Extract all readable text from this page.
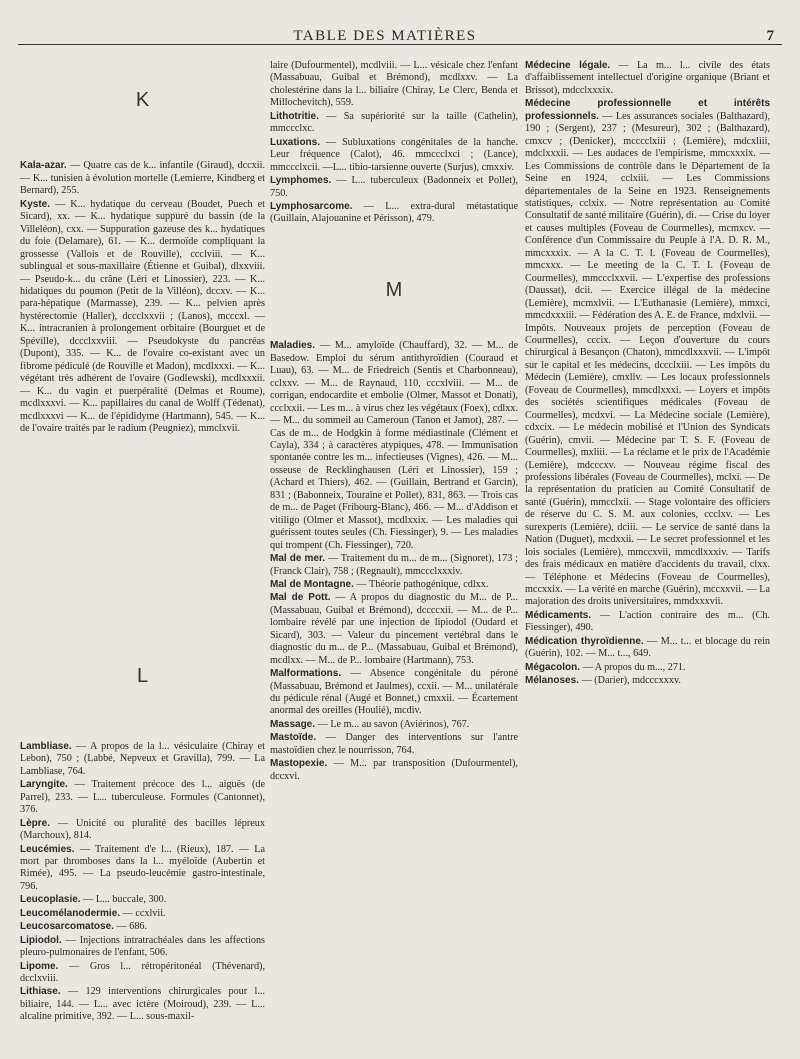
TABLE DES MATIÈRES	7
K

Kala-azar. — Quatre cas de k... infantile (Giraud), dccxii. — K... tunisien à évolution mortelle (Lemierre, Kindberg et Bernard), 255.

Kyste. — K... hydatique du cerveau (Boudet, Puech et Sicard), xx. — K... hydatique suppuré du bassin (de la Villeléon), cxx. — Suppuration gazeuse des k... hydatiques du foie (Delamare), 61. — K... dermoïde compliquant la grossesse (Vallois et de Rouville), ccclviii. — K... sublingual et sous-maxillaire (Étienne et Guibal), dlxxviii. — Pseudo-k... du crâne (Léri et Linossier), 223. — K... hidatiques du poumon (Petit de la Villéon), dccxv. — K... para-hépatique (Marmasse), 239. — K... pelvien après hystérectomie (Haller), dccclxxvii ; (Lanos), mcccxl. — K... intracranien à prolongement orbitaire (Bourguet et de Spéville), dccclxxviii. — Pseudokyste du pancréas (Dupont), 335. — K... de l'ovaire co-existant avec un fibrome pédiculé (de Rouville et Madon), mcdlxxxi. — K... végétant très adhérent de l'ovaire (Godlewski), mcdlxxxii. — K... du vagin et puerpéralité (Delmas et Roume), mcdlxxxvi. — K... papillaires du canal de Wolff (Tédenat), mcdlxxxvi — K... de l'épididyme (Hartmann), 545. — K... de l'ovaire traités par le radium (Peugniez), mmclxvii.

L

Lambliase. — A propos de la l... vésiculaire (Chiray et Lebon), 750 ; (Labbé, Nepveux et Gravilla), 799. — La Lambliase, 764.

Laryngite. — Traitement précoce des l... aiguës (de Parrel), 233. — L... tuberculeuse. Formules (Cantonnet), 376.

Lèpre. — Unicité ou pluralité des bacilles lépreux (Marchoux), 814.

Leucémies. — Traitement d'e l... (Rieux), 187. — La mort par thromboses dans la l... myéloïde (Aubertin et Rimée), 495. — La pseudo-leucémie gastro-intestinale, 796.

Leucoplasie. — L... buccale, 300.

Leucomélanodermie. — ccxlvii.

Leucosarcomatose. — 686.

Lipiodol. — Injections intratrachéales dans les affections pleuro-pulmonaires de l'enfant, 506.

Lipome. — Gros l... rétropéritonéal (Thévenard), dcclxviii.

Lithiase. — 129 interventions chirurgicales pour l... biliaire, 144. — L... avec ictère (Moiroud), 239. — L... alcaline primitive, 392. — L... sous-maxil-

laire (Dufourmentel), mcdlviii. — L... vésicale chez l'enfant (Massabuau, Guibal et Brémond), mcdlxxv. — La cholestérine dans la l... biliaire (Chiray, Le Clerc, Benda et Millochevitch), 559.

Lithotritie. — Sa supériorité sur la taille (Cathelin), mmccclxc.

Luxations. — Subluxations congénitales de la hanche. Leur fréquence (Calot), 46. mmccclxci ; (Lance), mmccclxcii. —L... tibio-tarsienne ouverte (Surjus), cmxxiv.

Lymphomes. — L... tuberculeux (Badonneix et Pollet), 750.

Lymphosarcome. — L... extra-dural métastatique (Guillain, Alajouanine et Périsson), 479.

M

Maladies. — M... amyloïde (Chauffard), 32. — M... de Basedow. Emploi du sérum antithyroïdien (Couraud et Luau), 63. — M... de Friedreich (Sentis et Charbonneau), cclxxv. — M... de Raynaud, 110, cccxlviii. — M... de corrigan, endocardite et embolie (Olmer, Massot et Donati), ccclxxii. — Les m... à virus chez les végétaux (Foex), cdlxx. — M... du sommeil au Cameroun (Tanon et Jamot), 287. — Cas de m... de Hodgkin à forme médiastinale (Clément et Cayla), 334 ; à caractères atypiques, 478. — Immunisation spontanée contre les m... infectieuses (Vignes), 426. — M... osseuse de Recklinghausen (Léri et Linossier), 159 ; (Achard et Thiers), 462. — (Guillain, Bertrand et Garcin), 831 ; (Babonneix, Touraine et Pollet), 831, 863. — Trois cas de m... de Paget (Fribourg-Blanc), 466. — M... d'Addison et vitiligo (Olmer et Massot), mcdlxxix. — Les maladies qui guérissent toutes seules (Ch. Fiessinger), 9. — Les maladies qui trompent (Ch. Fiessinger), 720.

Mal de mer. — Traitement du m... de m... (Signoret), 173 ; (Franck Clair), 758 ; (Regnault), mmccclxxxiv.

Mal de Montagne. — Théorie pathogénique, cdlxx.

Mal de Pott. — A propos du diagnostic du M... de P... (Massabuau, Guibal et Brémond), dccccxii. — M... de P... lombaire révélé par une injection de lipiodol (Oudard et Sicard), 303. — Valeur du pincement vertébral dans le diagnostic du m... de P... (Massabuau, Guibal et Brémond), mcdlxx. — M... de P... lombaire (Hartmann), 753.

Malformations. — Absence congénitale du péroné (Massabuau, Brémond et Jaulmes), ccxii. — M... unilatérale du pédicule rénal (Augé et Bonnet,) cmxxii. — Écartement anormal des oreilles (Houlié), mcdiv.

Massage. — Le m... au savon (Aviérinos), 767.

Mastoïde. — Danger des interventions sur l'antre mastoïdien chez le nourrisson, 764.

Mastopexie. — M... par transposition (Dufourmentel), dccxvi.

Médecine légale. — La m... l... civile des états d'affaiblissement intellectuel d'origine organique (Briant et Brissot), mdcclxxxix.

Médecine professionnelle et intérêts professionnels. — Les assurances sociales (Balthazard), 190 ; (Sergent), 237 ; (Mesureur), 302 ; (Balthazard), cmxcv ; (Denicker), mcccclxiii ; (Lemière), mdcxliii, mdclxxxii. — Les audaces de l'empirisme, mmcxxxix. — Les Commissions de contrôle dans le Département de la Seine en 1924, cclxiii. — Les Commissions départementales de la Seine en 1923. Renseignements statistiques, cclxix. — Notre représentation au Comité Consultatif de santé militaire (Guérin), di. — Crise du loyer et causes multiples (Foveau de Courmelles), mcmxcv. — Conférence d'un Commissaire du Peuple à l'A. D. R. M., mmcxxxix. — A la C. T. I. (Foveau de Courmelles), mmcxxx. — Le meeting de la C. T. I. (Foveau de Courmelles), mmccclxxvii. — L'expertise des professions (Daussat), dcii. — Exercice illégal de la médecine (Lemière), mcmxlvii. — L'Euthanasie (Lemière), mmxci, mmcdxxxiii. — Fédération des A. E. de France, mdxlvii. — Impôts. Nouveaux projets de perception (Foveau de Courmelles), cccix. — Leçon d'ouverture du cours chirurgical à Besançon (Chaton), mmcdlxxxvii. — L'impôt sur le capital et les médecins, dccclxiii. — Les impôts du Médecin (Lemière), cmxliv. — Les locaux professionnels (Foveau de Courmelles), mmcdlxxxi. — Loyers et impôts des sociétés scientifiques médicales (Foveau de Courmelles), mcdxvi. — La Médecine sociale (Lemière), cdxcix. — Le médecin mobilisé et l'Union des Syndicats (Guérin), cmvii. — Médecine par T. S. F. (Foveau de Courmelles), mxliii. — La réclame et le prix de l'Académie (Lemière), mdcccxv. — Nouveau régime fiscal des professions libérales (Foveau de Courmelles), mclxi. — De la représentation du praticien au Comité Consultatif de santé (Guérin), mmcclxii. — Stage volontaire des officiers de réserve du C. S. M. aux colonies, ccclxv. — Les surexperts (Lemière), dciii. — Le service de santé dans la Nation (Duguet), mcdxxii. — Le secret professionnel et les lois sociales (Lemière), mmccxvii, mmcdlxxxiv. — Tarifs des frais médicaux en matière d'accidents du travail, clxx. — Téléphone et Médecins (Foveau de Courmelles), mccxxix. — La vérité en marche (Guérin), mccxxvii. — La majoration des droits universitaires, mmdxxxvii.

Médicaments. — L'action contraire des m... (Ch. Fiessinger), 490.

Médication thyroïdienne. — M... t... et blocage du rein (Guérin), 102. — M... t..., 649.

Mégacolon. — A propos du m..., 271.

Mélanoses. — (Darier), mdcccxxxv.
